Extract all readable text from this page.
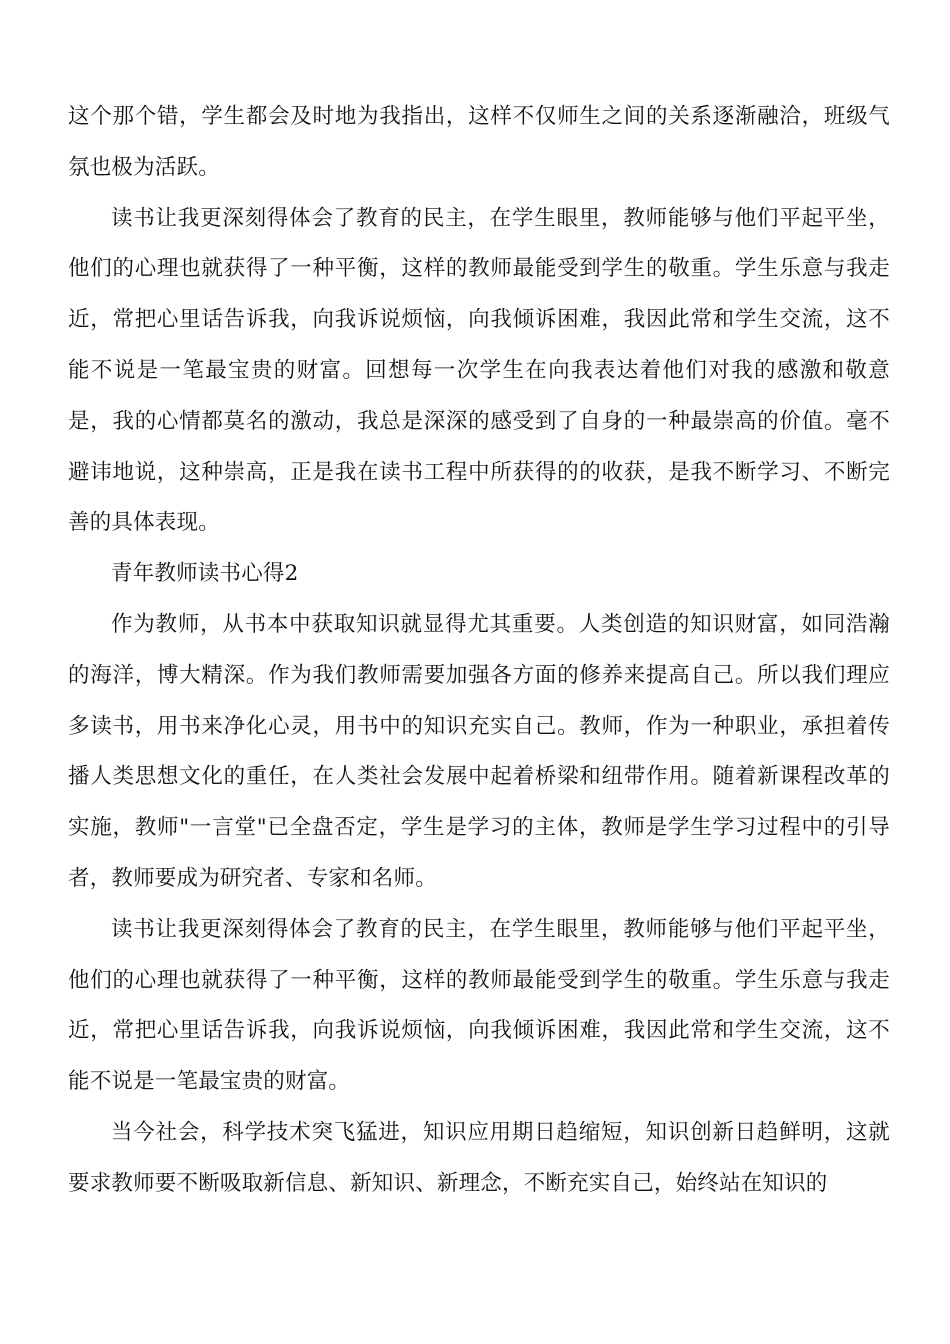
这个那个错，学生都会及时地为我指出，这样不仅师生之间的关系逐渐融洽，班级气氛也极为活跃。

读书让我更深刻得体会了教育的民主，在学生眼里，教师能够与他们平起平坐，他们的心理也就获得了一种平衡，这样的教师最能受到学生的敬重。学生乐意与我走近，常把心里话告诉我，向我诉说烦恼，向我倾诉困难，我因此常和学生交流，这不能不说是一笔最宝贵的财富。回想每一次学生在向我表达着他们对我的感激和敬意是，我的心情都莫名的激动，我总是深深的感受到了自身的一种最崇高的价值。毫不避讳地说，这种崇高，正是我在读书工程中所获得的的收获，是我不断学习、不断完善的具体表现。

青年教师读书心得2

作为教师，从书本中获取知识就显得尤其重要。人类创造的知识财富，如同浩瀚的海洋，博大精深。作为我们教师需要加强各方面的修养来提高自己。所以我们理应多读书，用书来净化心灵，用书中的知识充实自己。教师，作为一种职业，承担着传播人类思想文化的重任，在人类社会发展中起着桥梁和纽带作用。随着新课程改革的实施，教师"一言堂"已全盘否定，学生是学习的主体，教师是学生学习过程中的引导者，教师要成为研究者、专家和名师。

读书让我更深刻得体会了教育的民主，在学生眼里，教师能够与他们平起平坐，他们的心理也就获得了一种平衡，这样的教师最能受到学生的敬重。学生乐意与我走近，常把心里话告诉我，向我诉说烦恼，向我倾诉困难，我因此常和学生交流，这不能不说是一笔最宝贵的财富。

当今社会，科学技术突飞猛进，知识应用期日趋缩短，知识创新日趋鲜明，这就要求教师要不断吸取新信息、新知识、新理念，不断充实自己，始终站在知识的
